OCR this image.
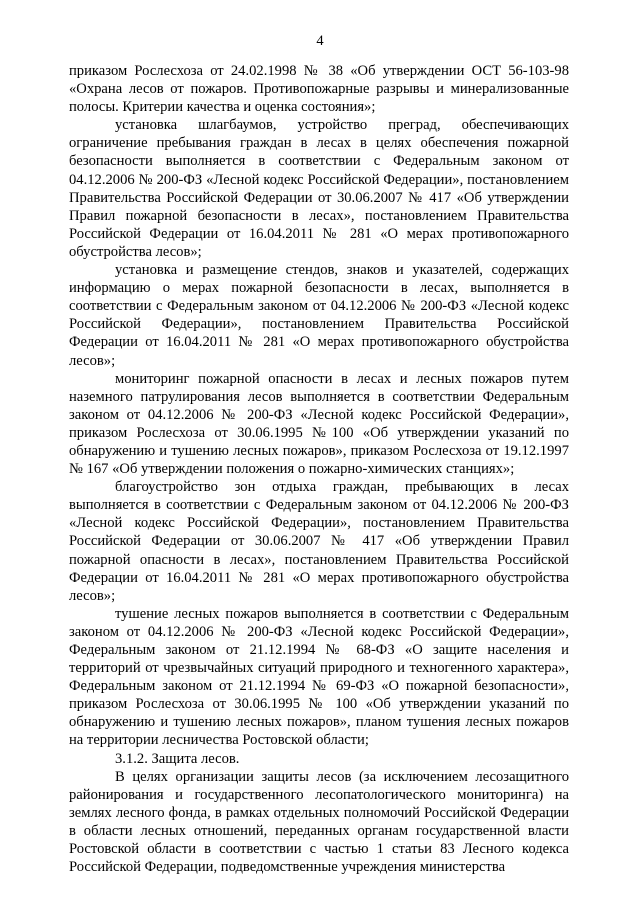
4

приказом Рослесхоза от 24.02.1998 № 38 «Об утверждении ОСТ 56-103-98 «Охрана лесов от пожаров. Противопожарные разрывы и минерализованные полосы. Критерии качества и оценка состояния»;

установка шлагбаумов, устройство преград, обеспечивающих ограничение пребывания граждан в лесах в целях обеспечения пожарной безопасности выполняется в соответствии с Федеральным законом от 04.12.2006 № 200-ФЗ «Лесной кодекс Российской Федерации», постановлением Правительства Российской Федерации от 30.06.2007 № 417 «Об утверждении Правил пожарной безопасности в лесах», постановлением Правительства Российской Федерации от 16.04.2011 № 281 «О мерах противопожарного обустройства лесов»;

установка и размещение стендов, знаков и указателей, содержащих информацию о мерах пожарной безопасности в лесах, выполняется в соответствии с Федеральным законом от 04.12.2006 № 200-ФЗ «Лесной кодекс Российской Федерации», постановлением Правительства Российской Федерации от 16.04.2011 № 281 «О мерах противопожарного обустройства лесов»;

мониторинг пожарной опасности в лесах и лесных пожаров путем наземного патрулирования лесов выполняется в соответствии Федеральным законом от 04.12.2006 № 200-ФЗ «Лесной кодекс Российской Федерации», приказом Рослесхоза от 30.06.1995 №100 «Об утверждении указаний по обнаружению и тушению лесных пожаров», приказом Рослесхоза от 19.12.1997 № 167 «Об утверждении положения о пожарно-химических станциях»;

благоустройство зон отдыха граждан, пребывающих в лесах выполняется в соответствии с Федеральным законом от 04.12.2006 № 200-ФЗ «Лесной кодекс Российской Федерации», постановлением Правительства Российской Федерации от 30.06.2007 № 417 «Об утверждении Правил пожарной опасности в лесах», постановлением Правительства Российской Федерации от 16.04.2011 № 281 «О мерах противопожарного обустройства лесов»;

тушение лесных пожаров выполняется в соответствии с Федеральным законом от 04.12.2006 № 200-ФЗ «Лесной кодекс Российской Федерации», Федеральным законом от 21.12.1994 № 68-ФЗ «О защите населения и территорий от чрезвычайных ситуаций природного и техногенного характера», Федеральным законом от 21.12.1994 № 69-ФЗ «О пожарной безопасности», приказом Рослесхоза от 30.06.1995 № 100 «Об утверждении указаний по обнаружению и тушению лесных пожаров», планом тушения лесных пожаров на территории лесничества Ростовской области;

3.1.2. Защита лесов.

В целях организации защиты лесов (за исключением лесозащитного районирования и государственного лесопатологического мониторинга) на землях лесного фонда, в рамках отдельных полномочий Российской Федерации в области лесных отношений, переданных органам государственной власти Ростовской области в соответствии с частью 1 статьи 83 Лесного кодекса Российской Федерации, подведомственные учреждения министерства
